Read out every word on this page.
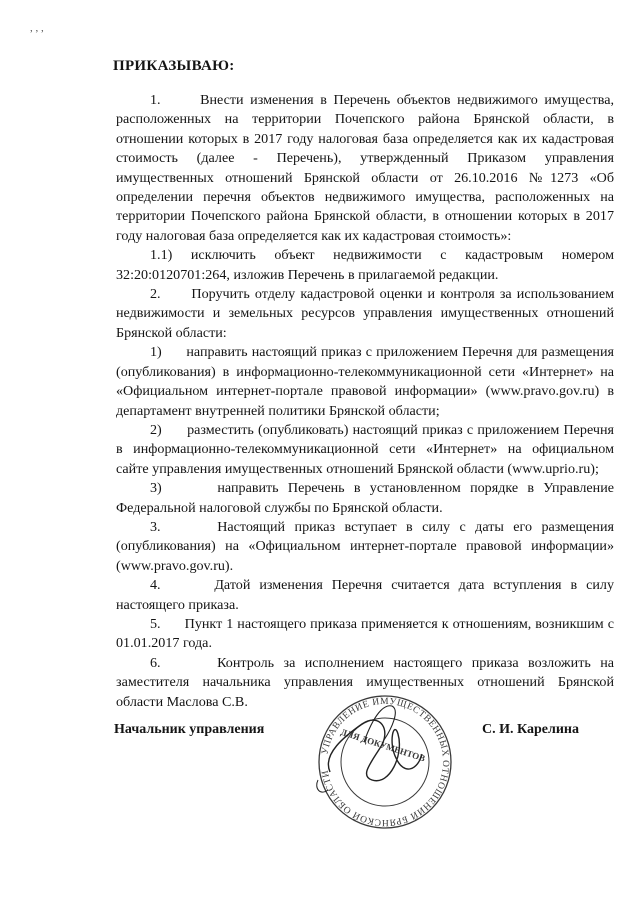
, , ,
ПРИКАЗЫВАЮ:

1.      Внести изменения в Перечень объектов недвижимого имущества, расположенных на территории Почепского района Брянской области, в отношении которых в 2017 году налоговая база определяется как их кадастровая стоимость (далее - Перечень), утвержденный Приказом управления имущественных отношений Брянской области от 26.10.2016 №1273 «Об определении перечня объектов недвижимого имущества, расположенных на территории Почепского района Брянской области, в отношении которых в 2017 году налоговая база определяется как их кадастровая стоимость»:

1.1) исключить объект недвижимости с кадастровым номером 32:20:0120701:264, изложив Перечень в прилагаемой редакции.

2.      Поручить отделу кадастровой оценки и контроля за использованием недвижимости и земельных ресурсов управления имущественных отношений Брянской области:

1)      направить настоящий приказ с приложением Перечня для размещения (опубликования) в информационно-телекоммуникационной сети «Интернет» на «Официальном интернет-портале правовой информации» (www.pravo.gov.ru) в департамент внутренней политики Брянской области;

2)      разместить (опубликовать) настоящий приказ с приложением Перечня в информационно-телекоммуникационной сети «Интернет» на официальном сайте управления имущественных отношений Брянской области (www.uprio.ru);

3)      направить Перечень в установленном порядке в Управление Федеральной налоговой службы по Брянской области.

3.      Настоящий приказ вступает в силу с даты его размещения (опубликования) на «Официальном интернет-портале правовой информации» (www.pravo.gov.ru).

4.      Датой изменения Перечня считается дата вступления в силу настоящего приказа.

5.      Пункт 1 настоящего приказа применяется к отношениям, возникшим с 01.01.2017 года.

6.      Контроль за исполнением настоящего приказа возложить на заместителя начальника управления имущественных отношений Брянской области Маслова С.В.

Начальник управления	С. И. Карелина
УПРАВЛЕНИЕ ИМУЩЕСТВЕННЫХ ОТНОШЕНИЙ БРЯНСКОЙ ОБЛАСТИ
ДЛЯ ДОКУМЕНТОВ
